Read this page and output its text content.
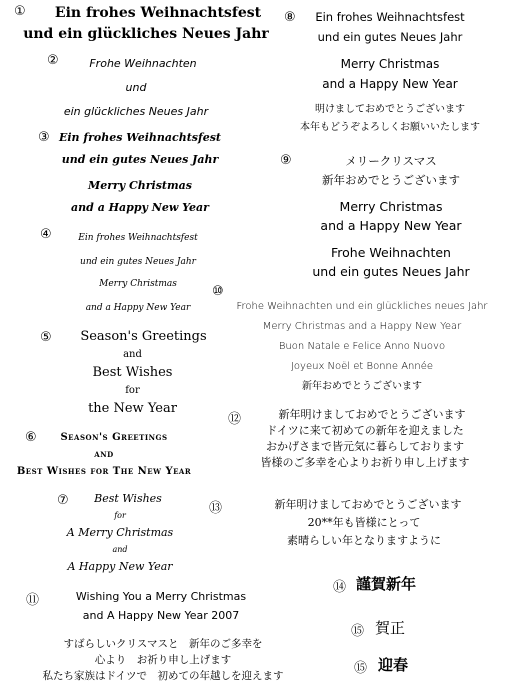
①	Ein frohes Weihnachtsfest
und ein glückliches Neues Jahr
②	Frohe Weihnachten
und
ein glückliches Neues Jahr
③ Ein frohes Weihnachtsfest
und ein gutes Neues Jahr
Merry Christmas
and a Happy New Year
④	Ein frohes Weihnachtsfest
und ein gutes Neues Jahr
Merry Christmas
and a Happy New Year
⑤	Season's Greetings
and
Best Wishes
for
the New Year
⑥	Season's Greetings
and
Best Wishes for The New Year
⑦	Best Wishes
for
A Merry Christmas
and
A Happy New Year
⑪	Wishing You a Merry Christmas
and A Happy New Year 2007
すばらしいクリスマスと　新年のご多幸を
心より　お祈り申し上げます
私たち家族はドイツで　初めての年越しを迎えます
⑧	Ein frohes Weihnachtsfest
und ein gutes Neues Jahr
Merry Christmas
and a Happy New Year
明けましておめでとうございます
本年もどうぞよろしくお願いいたします
⑨	メリークリスマス
新年おめでとうございます
Merry Christmas
and a Happy New Year
Frohe Weihnachten
und ein gutes Neues Jahr
⑩
Frohe Weihnachten und ein glückliches neues Jahr
Merry Christmas and a Happy New Year
Buon Natale e Felice Anno Nuovo
Joyeux Noël et Bonne Année
新年おめでとうございます
⑫	新年明けましておめでとうございます
ドイツに来て初めての新年を迎えました
おかげさまで皆元気に暮らしております
皆様のご多幸を心よりお祈り申し上げます
⑬	新年明けましておめでとうございます
20**年も皆様にとって
素晴らしい年となりますように
⑭ 謹賀新年
⑮ 賀正
⑮ 迎春
